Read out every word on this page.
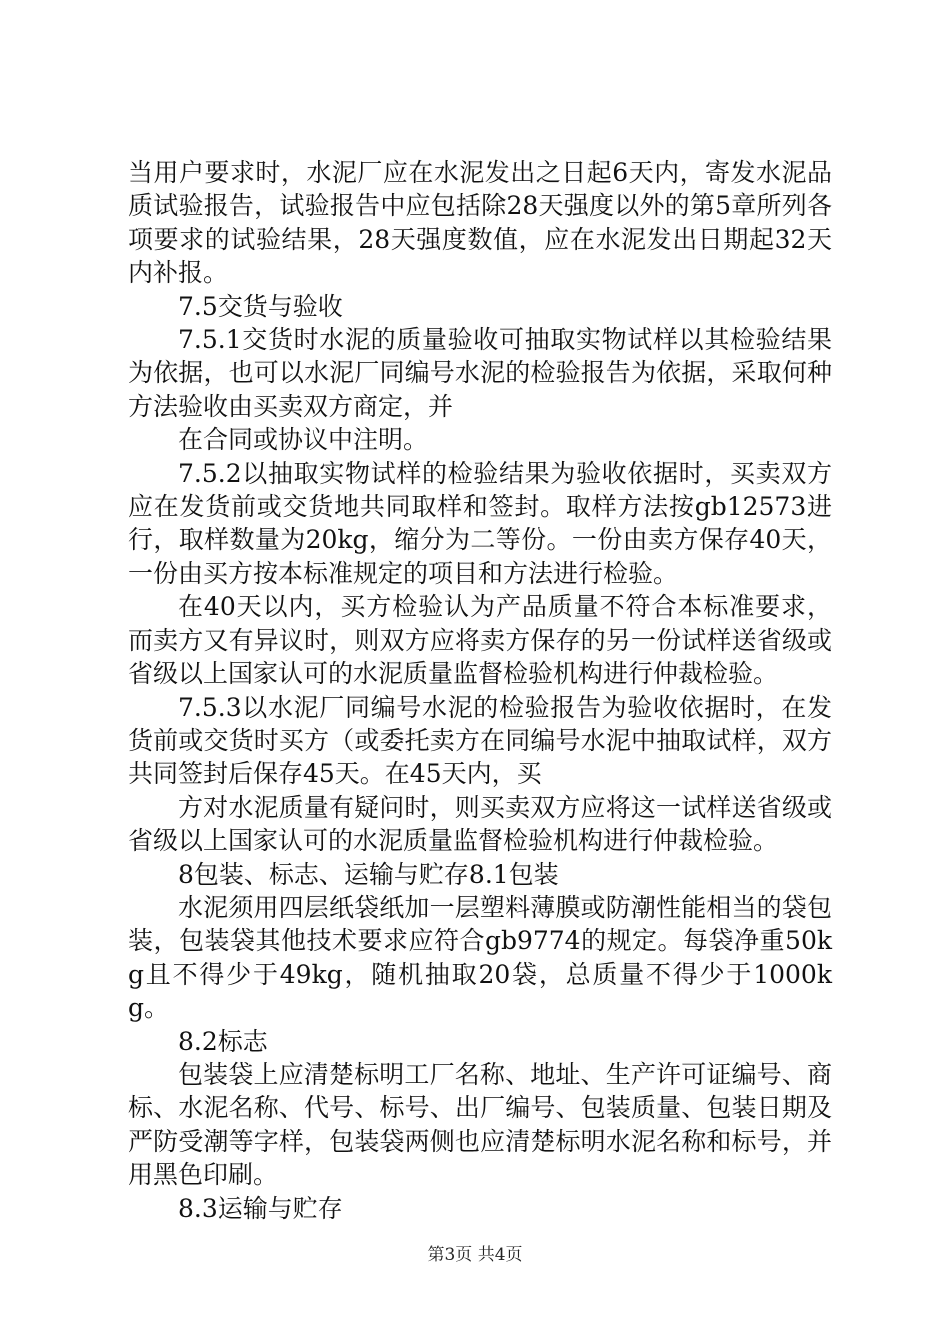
当用户要求时，水泥厂应在水泥发出之日起6天内，寄发水泥品质试验报告，试验报告中应包括除28天强度以外的第5章所列各项要求的试验结果，28天强度数值，应在水泥发出日期起32天内补报。

7.5交货与验收

7.5.1交货时水泥的质量验收可抽取实物试样以其检验结果为依据，也可以水泥厂同编号水泥的检验报告为依据，采取何种方法验收由买卖双方商定，并

在合同或协议中注明。

7.5.2以抽取实物试样的检验结果为验收依据时，买卖双方应在发货前或交货地共同取样和签封。取样方法按gb12573进行，取样数量为20kg，缩分为二等份。一份由卖方保存40天，一份由买方按本标准规定的项目和方法进行检验。

在40天以内，买方检验认为产品质量不符合本标准要求，而卖方又有异议时，则双方应将卖方保存的另一份试样送省级或省级以上国家认可的水泥质量监督检验机构进行仲裁检验。

7.5.3以水泥厂同编号水泥的检验报告为验收依据时，在发货前或交货时买方（或委托卖方在同编号水泥中抽取试样，双方共同签封后保存45天。在45天内，买

方对水泥质量有疑问时，则买卖双方应将这一试样送省级或省级以上国家认可的水泥质量监督检验机构进行仲裁检验。

8包装、标志、运输与贮存8.1包装

水泥须用四层纸袋纸加一层塑料薄膜或防潮性能相当的袋包装，包装袋其他技术要求应符合gb9774的规定。每袋净重50kg且不得少于49kg，随机抽取20袋，总质量不得少于1000kg。

8.2标志

包装袋上应清楚标明工厂名称、地址、生产许可证编号、商标、水泥名称、代号、标号、出厂编号、包装质量、包装日期及严防受潮等字样，包装袋两侧也应清楚标明水泥名称和标号，并用黑色印刷。

8.3运输与贮存

第3页 共4页
